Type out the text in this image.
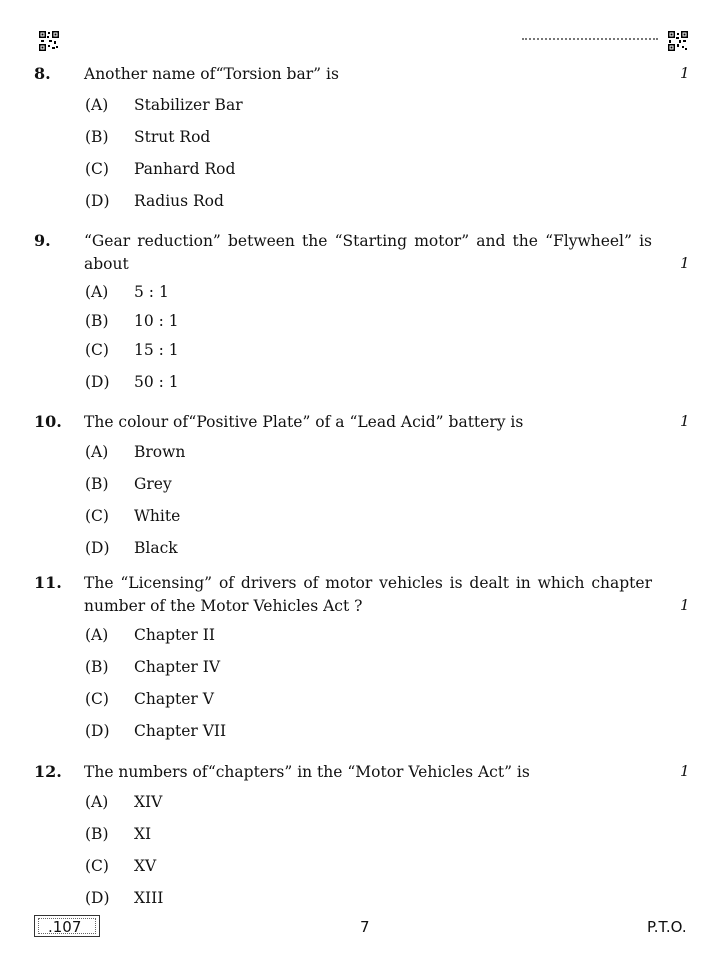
8. Another name of“Torsion bar” is	1
(A) Stabilizer Bar
(B) Strut Rod
(C) Panhard Rod
(D) Radius Rod
9. “Gear reduction” between the “Starting motor” and the “Flywheel” is
about	1
(A) 5 : 1
(B) 10 : 1
(C) 15 : 1
(D) 50 : 1
10. The colour of“Positive Plate” of a “Lead Acid” battery is	1
(A) Brown
(B) Grey
(C) White
(D) Black
11. The “Licensing” of drivers of motor vehicles is dealt in which chapter
number of the Motor Vehicles Act ?	1
(A) Chapter II
(B) Chapter IV
(C) Chapter V
(D) Chapter VII
12. The numbers of“chapters” in the “Motor Vehicles Act” is	1
(A) XIV
(B) XI
(C) XV
(D) XIII
.107	7	P.T.O.
